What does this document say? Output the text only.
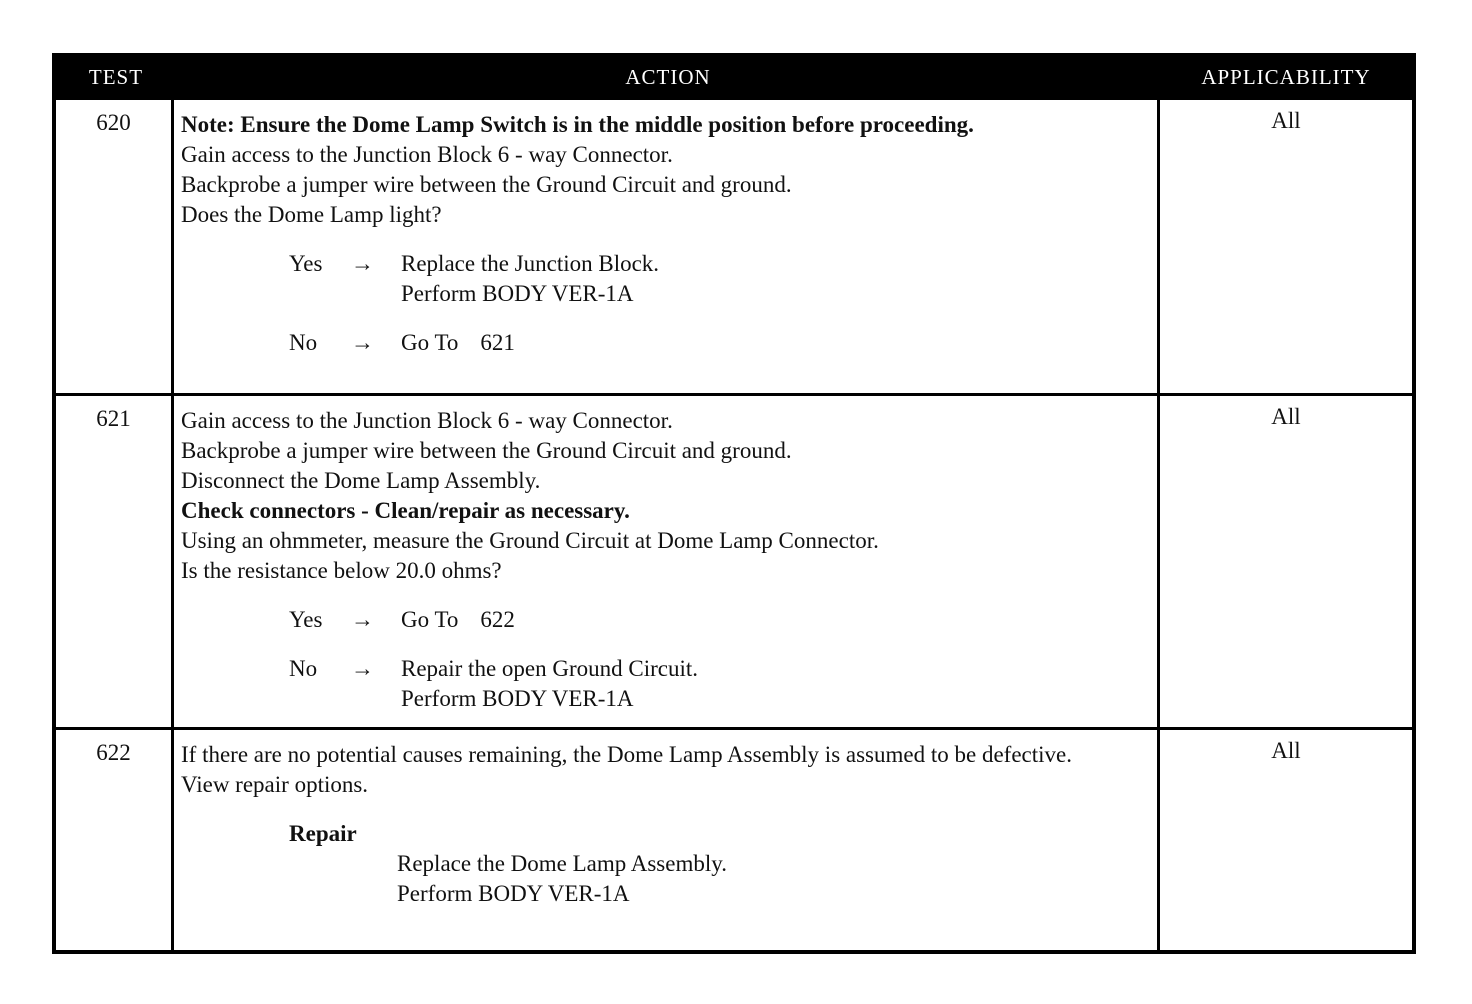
TEST	ACTION	APPLICABILITY
620	Note: Ensure the Dome Lamp Switch is in the middle position before proceeding.
Gain access to the Junction Block 6 - way Connector.
Backprobe a jumper wire between the Ground Circuit and ground.
Does the Dome Lamp light?
Yes	→	Replace the Junction Block.
Perform BODY VER-1A
No	→	Go To 621
All
621	Gain access to the Junction Block 6 - way Connector.
Backprobe a jumper wire between the Ground Circuit and ground.
Disconnect the Dome Lamp Assembly.
Check connectors - Clean/repair as necessary.
Using an ohmmeter, measure the Ground Circuit at Dome Lamp Connector.
Is the resistance below 20.0 ohms?
Yes	→	Go To 622
No	→	Repair the open Ground Circuit.
Perform BODY VER-1A
All
622	If there are no potential causes remaining, the Dome Lamp Assembly is assumed to be defective.
View repair options.
Repair
Replace the Dome Lamp Assembly.
Perform BODY VER-1A
All
